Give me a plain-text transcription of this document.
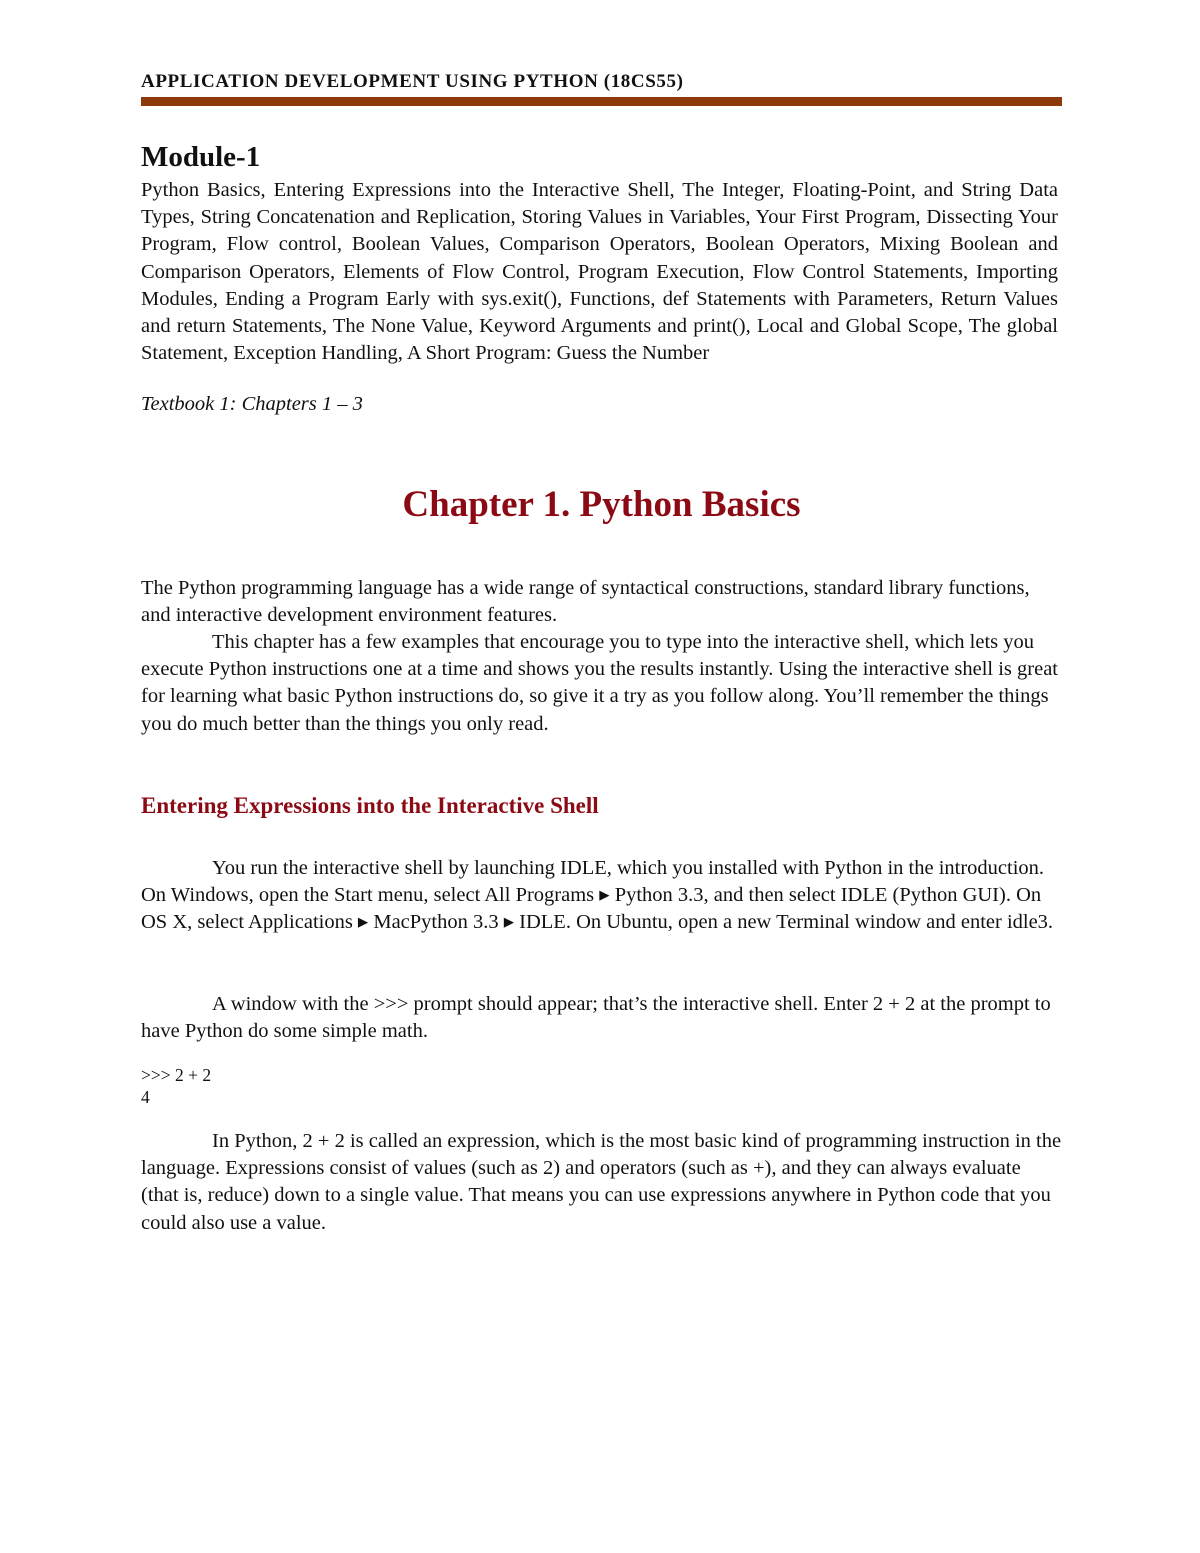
APPLICATION DEVELOPMENT USING PYTHON (18CS55)
Module-1

Python Basics, Entering Expressions into the Interactive Shell, The Integer, Floating-Point, and String Data Types, String Concatenation and Replication, Storing Values in Variables, Your First Program, Dissecting Your Program, Flow control, Boolean Values, Comparison Operators, Boolean Operators, Mixing Boolean and Comparison Operators, Elements of Flow Control, Program Execution, Flow Control Statements, Importing Modules, Ending a Program Early with sys.exit(), Functions, def Statements with Parameters, Return Values and return Statements, The None Value, Keyword Arguments and print(), Local and Global Scope, The global Statement, Exception Handling, A Short Program: Guess the Number

Textbook 1: Chapters 1 – 3

Chapter 1. Python Basics

The Python programming language has a wide range of syntactical constructions, standard library functions, and interactive development environment features.

This chapter has a few examples that encourage you to type into the interactive shell, which lets you execute Python instructions one at a time and shows you the results instantly. Using the interactive shell is great for learning what basic Python instructions do, so give it a try as you follow along. You’ll remember the things you do much better than the things you only read.

Entering Expressions into the Interactive Shell

You run the interactive shell by launching IDLE, which you installed with Python in the introduction. On Windows, open the Start menu, select All Programs ▸ Python 3.3, and then select IDLE (Python GUI). On OS X, select Applications ▸ MacPython 3.3 ▸ IDLE. On Ubuntu, open a new Terminal window and enter idle3.

A window with the >>> prompt should appear; that’s the interactive shell. Enter 2 + 2 at the prompt to have Python do some simple math.

>>> 2 + 2
4

In Python, 2 + 2 is called an expression, which is the most basic kind of programming instruction in the language. Expressions consist of values (such as 2) and operators (such as +), and they can always evaluate (that is, reduce) down to a single value. That means you can use expressions anywhere in Python code that you could also use a value.
